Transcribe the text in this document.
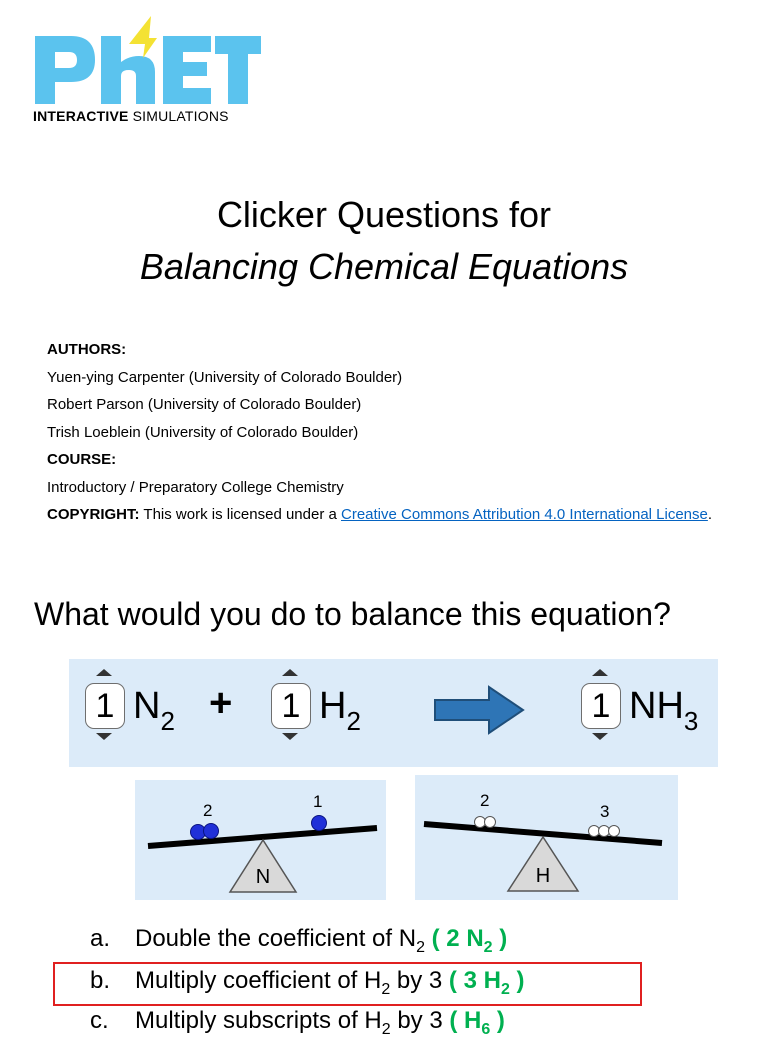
INTERACTIVE SIMULATIONS
Clicker Questions for
Balancing Chemical Equations
AUTHORS:
Yuen-ying Carpenter (University of Colorado Boulder)
Robert Parson (University of Colorado Boulder)
Trish Loeblein (University of Colorado Boulder)
COURSE:
Introductory / Preparatory College Chemistry
COPYRIGHT: This work is licensed under a Creative Commons Attribution 4.0 International License.
What would you do to balance this equation?
1 $N_2$ +	1 $H_2$	1 $NH_3$
2	1
N
2
3
H
a. Double the coefficient of $N_2$ ( 2 $N_2$ )
b. Multiply coefficient of $H_2$ by 3 ( 3 $H_2$ )
c. Multiply subscripts of $H_2$ by 3 ( $H_6$ )
